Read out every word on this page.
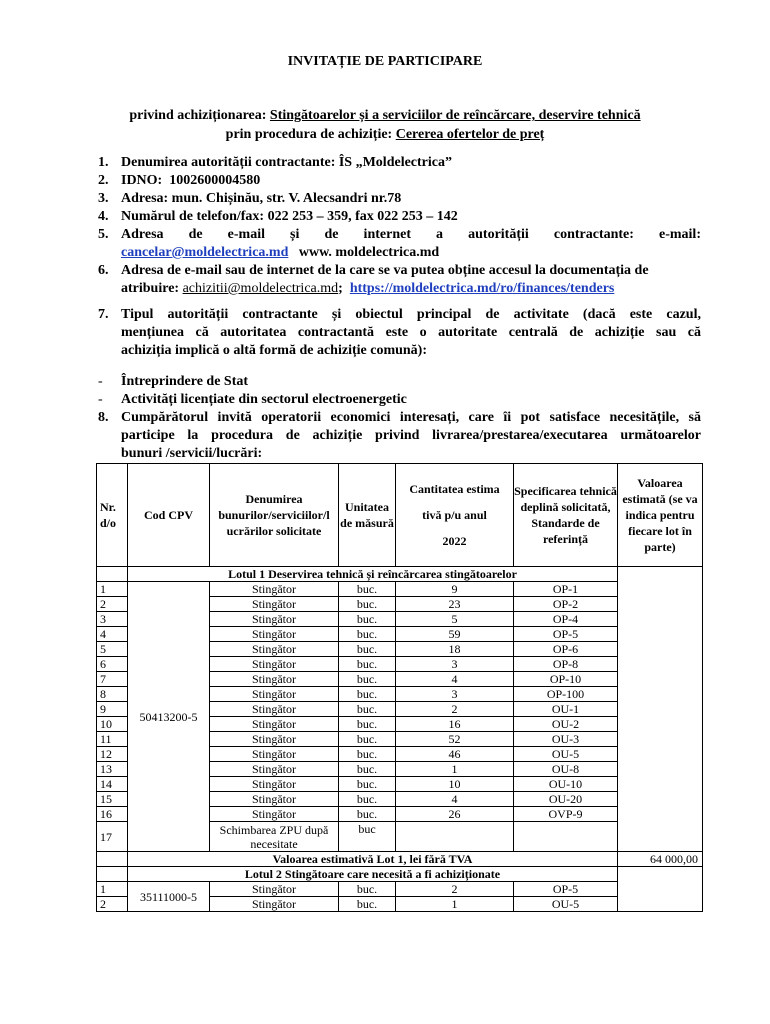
INVITAȚIE DE PARTICIPARE
privind achiziționarea: Stingătoarelor și a serviciilor de reîncărcare, deservire tehnică
prin procedura de achiziție: Cererea ofertelor de preț
1. Denumirea autorității contractante: ÎS „Moldelectrica”
2. IDNO:  1002600004580
3. Adresa: mun. Chișinău, str. V. Alecsandri nr.78
4. Numărul de telefon/fax: 022 253 – 359, fax 022 253 – 142
5. Adresa de e-mail și de internet a autorității contractante: e-mail:
cancelar@moldelectrica.md www. moldelectrica.md
6. Adresa de e-mail sau de internet de la care se va putea obține accesul la documentația de
atribuire: achizitii@moldelectrica.md;  https://moldelectrica.md/ro/finances/tenders
7. Tipul autorității contractante și obiectul principal de activitate (dacă este cazul,
mențiunea că autoritatea contractantă este o autoritate centrală de achiziție sau că
achiziția implică o altă formă de achiziție comună):
-	Întreprindere de Stat
-	Activități licențiate din sectorul electroenergetic
8. Cumpărătorul invită operatorii economici interesați, care îi pot satisface necesitățile, să
participe la procedura de achiziție privind livrarea/prestarea/executarea următoarelor
bunuri /servicii/lucrări:
Nr. d/o	Cod CPV	Denumirea bunurilor/serviciilor/l ucrărilor solicitate	Unitatea de măsură	Cantitatea estima
tivă p/u anul
2022	Specificarea tehnică deplină solicitată, Standarde de referință	Valoarea estimată (se va indica pentru fiecare lot în parte)
	Lotul 1 Deservirea tehnică și reîncărcarea stingătoarelor					
1	50413200-5	Stingător	buc.	9	OP-1	
2		Stingător	buc.	23	OP-2	
3		Stingător	buc.	5	OP-4	
4		Stingător	buc.	59	OP-5	
5		Stingător	buc.	18	OP-6	
6		Stingător	buc.	3	OP-8	
7		Stingător	buc.	4	OP-10	
8		Stingător	buc.	3	OP-100	
9		Stingător	buc.	2	OU-1	
10		Stingător	buc.	16	OU-2	
11		Stingător	buc.	52	OU-3	
12		Stingător	buc.	46	OU-5	
13		Stingător	buc.	1	OU-8	
14		Stingător	buc.	10	OU-10	
15		Stingător	buc.	4	OU-20	
16		Stingător	buc.	26	OVP-9	
17		Schimbarea ZPU după necesitate	buc			
	Valoarea estimativă Lot 1, lei fără TVA					64 000,00
	Lotul 2 Stingătoare care necesită a fi achiziționate					
1	35111000-5	Stingător	buc.	2	OP-5	
2		Stingător	buc.	1	OU-5	
